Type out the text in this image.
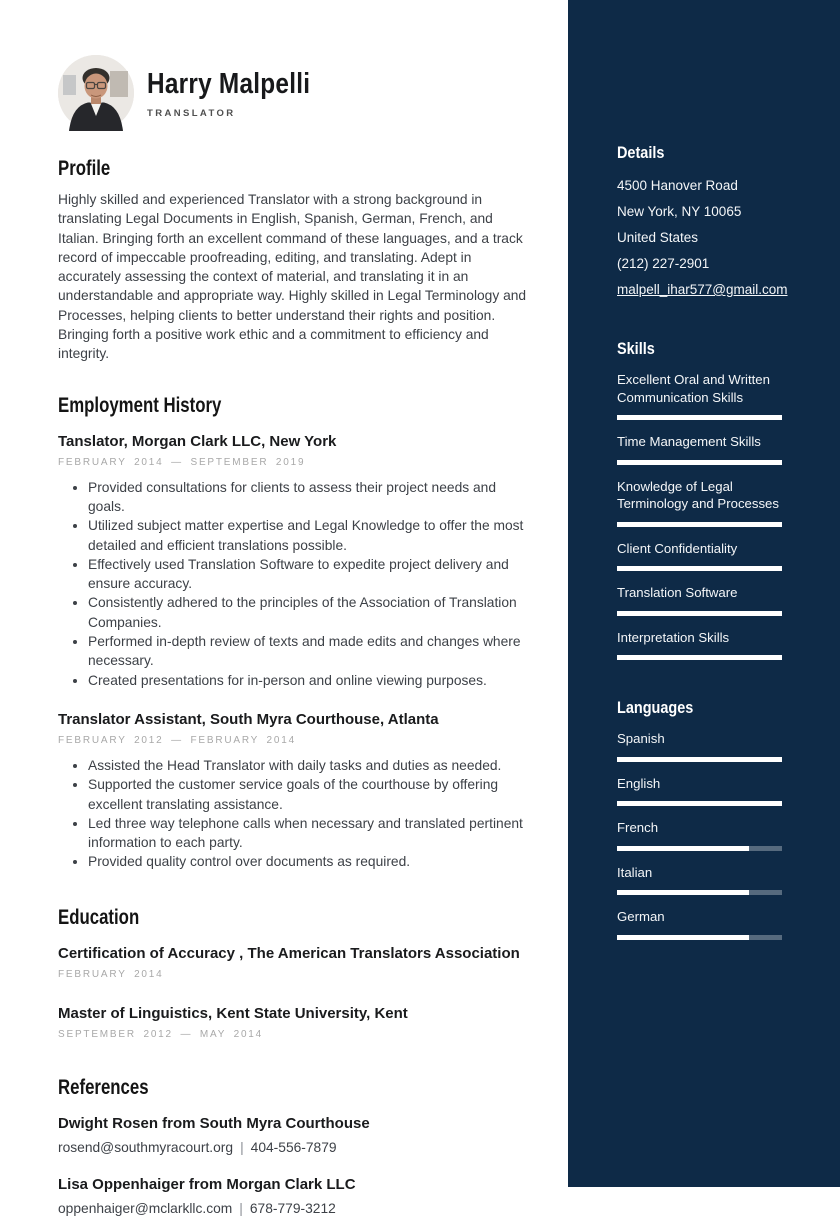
Harry Malpelli
TRANSLATOR
Profile

Highly skilled and experienced Translator with a strong background in translating Legal Documents in English, Spanish, German, French, and Italian. Bringing forth an excellent command of these languages, and a track record of impeccable proofreading, editing, and translating. Adept in accurately assessing the context of material, and translating it in an understandable and appropriate way. Highly skilled in Legal Terminology and Processes, helping clients to better understand their rights and position. Bringing forth a positive work ethic and a commitment to efficiency and integrity.

Employment History
Tanslator, Morgan Clark LLC, New York
FEBRUARY 2014 — SEPTEMBER 2019
• Provided consultations for clients to assess their project needs and goals.
• Utilized subject matter expertise and Legal Knowledge to offer the most detailed and efficient translations possible.
• Effectively used Translation Software to expedite project delivery and ensure accuracy.
• Consistently adhered to the principles of the Association of Translation Companies.
• Performed in-depth review of texts and made edits and changes where necessary.
• Created presentations for in-person and online viewing purposes.
Translator Assistant, South Myra Courthouse, Atlanta
FEBRUARY 2012 — FEBRUARY 2014
• Assisted the Head Translator with daily tasks and duties as needed.
• Supported the customer service goals of the courthouse by offering excellent translating assistance.
• Led three way telephone calls when necessary and translated pertinent information to each party.
• Provided quality control over documents as required.
Education
Certification of Accuracy , The American Translators Association
FEBRUARY 2014
Master of Linguistics, Kent State University, Kent
SEPTEMBER 2012 — MAY 2014
References
Dwight Rosen from South Myra Courthouse
rosend@southmyracourt.org | 404-556-7879
Lisa Oppenhaiger from Morgan Clark LLC
oppenhaiger@mclarkllc.com | 678-779-3212
Details
4500 Hanover Road
New York, NY 10065
United States
(212) 227-2901
malpell_ihar577@gmail.com
Skills
Excellent Oral and Written Communication Skills
Time Management Skills
Knowledge of Legal Terminology and Processes
Client Confidentiality
Translation Software
Interpretation Skills
Languages
Spanish
English
French
Italian
German
